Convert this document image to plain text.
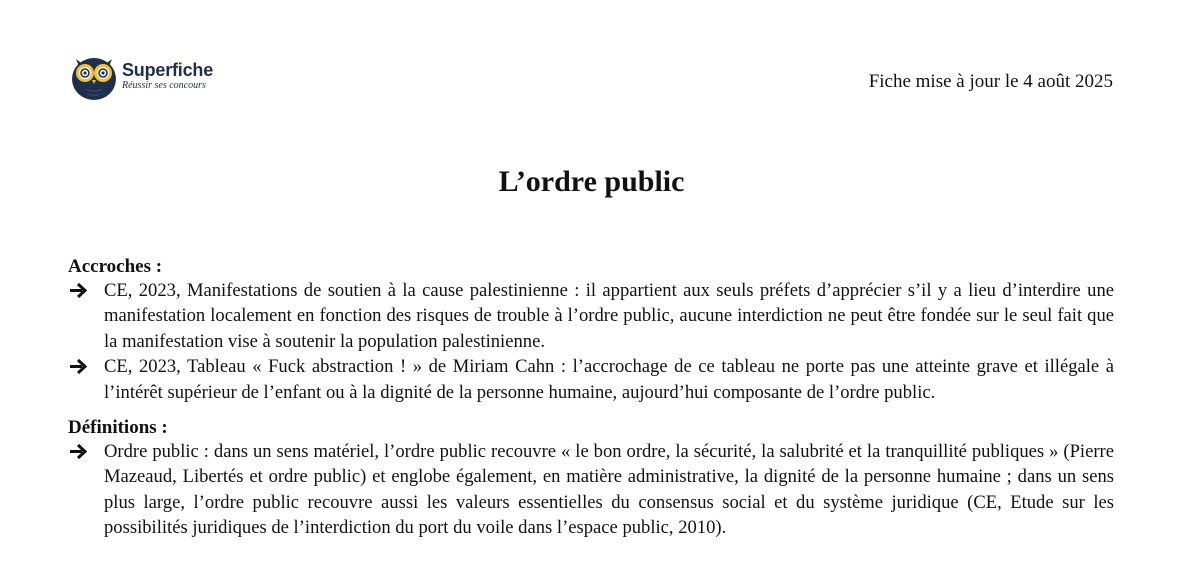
Superfiche
Réussir ses concours	Fiche mise à jour le 4 août 2025
L’ordre public
Accroches :
CE, 2023, Manifestations de soutien à la cause palestinienne : il appartient aux seuls préfets d’apprécier s’il y a lieu d’interdire une manifestation localement en fonction des risques de trouble à l’ordre public, aucune interdiction ne peut être fondée sur le seul fait que la manifestation vise à soutenir la population palestinienne.
CE, 2023, Tableau « Fuck abstraction ! » de Miriam Cahn : l’accrochage de ce tableau ne porte pas une atteinte grave et illégale à l’intérêt supérieur de l’enfant ou à la dignité de la personne humaine, aujourd’hui composante de l’ordre public.
Définitions :
Ordre public : dans un sens matériel, l’ordre public recouvre « le bon ordre, la sécurité, la salubrité et la tranquillité publiques » (Pierre Mazeaud, Libertés et ordre public) et englobe également, en matière administrative, la dignité de la personne humaine ; dans un sens plus large, l’ordre public recouvre aussi les valeurs essentielles du consensus social et du système juridique (CE, Etude sur les possibilités juridiques de l’interdiction du port du voile dans l’espace public, 2010).
